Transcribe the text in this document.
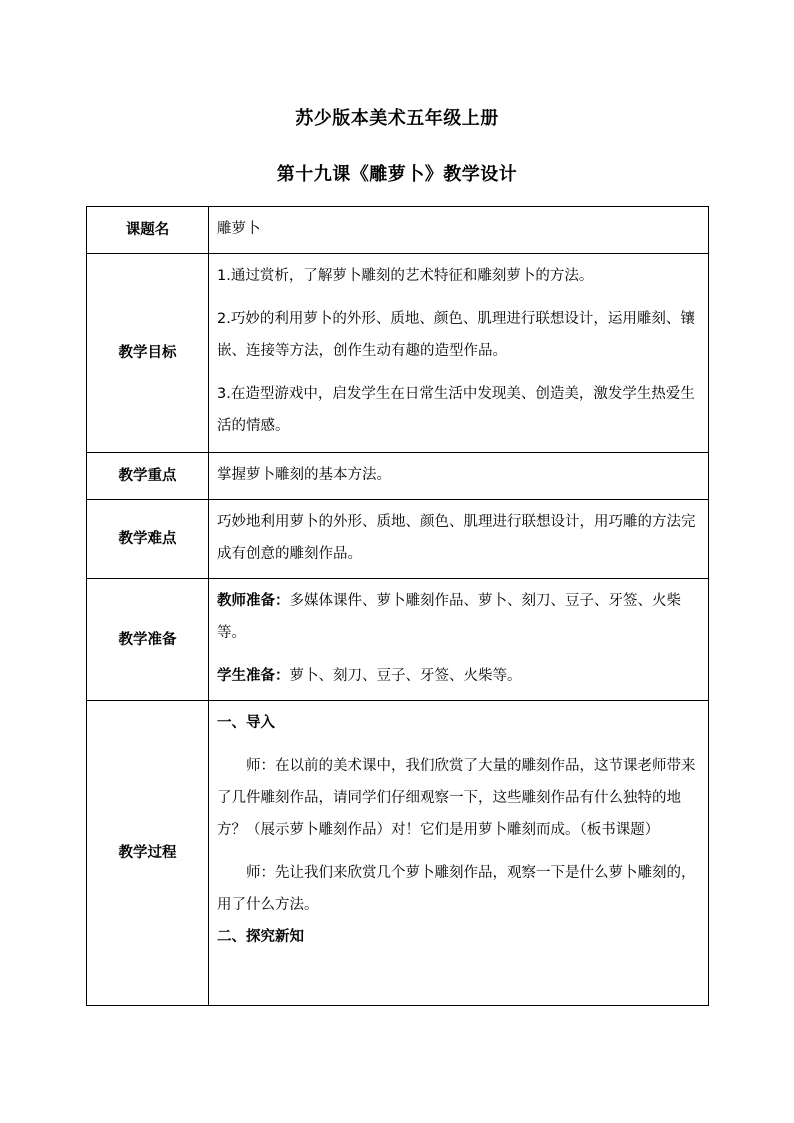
苏少版本美术五年级上册
第十九课《雕萝卜》教学设计
课题名	雕萝卜

教学目标	1.通过赏析，了解萝卜雕刻的艺术特征和雕刻萝卜的方法。

2.巧妙的利用萝卜的外形、质地、颜色、肌理进行联想设计，运用雕刻、镶嵌、连接等方法，创作生动有趣的造型作品。

3.在造型游戏中，启发学生在日常生活中发现美、创造美，激发学生热爱生活的情感。

教学重点	掌握萝卜雕刻的基本方法。

教学难点	巧妙地利用萝卜的外形、质地、颜色、肌理进行联想设计，用巧雕的方法完成有创意的雕刻作品。

教学准备	教师准备：多媒体课件、萝卜雕刻作品、萝卜、刻刀、豆子、牙签、火柴等。

学生准备：萝卜、刻刀、豆子、牙签、火柴等。

教学过程	一、导入

师：在以前的美术课中，我们欣赏了大量的雕刻作品，这节课老师带来了几件雕刻作品，请同学们仔细观察一下，这些雕刻作品有什么独特的地方？（展示萝卜雕刻作品）对！它们是用萝卜雕刻而成。（板书课题）

师：先让我们来欣赏几个萝卜雕刻作品，观察一下是什么萝卜雕刻的，用了什么方法。

二、探究新知
